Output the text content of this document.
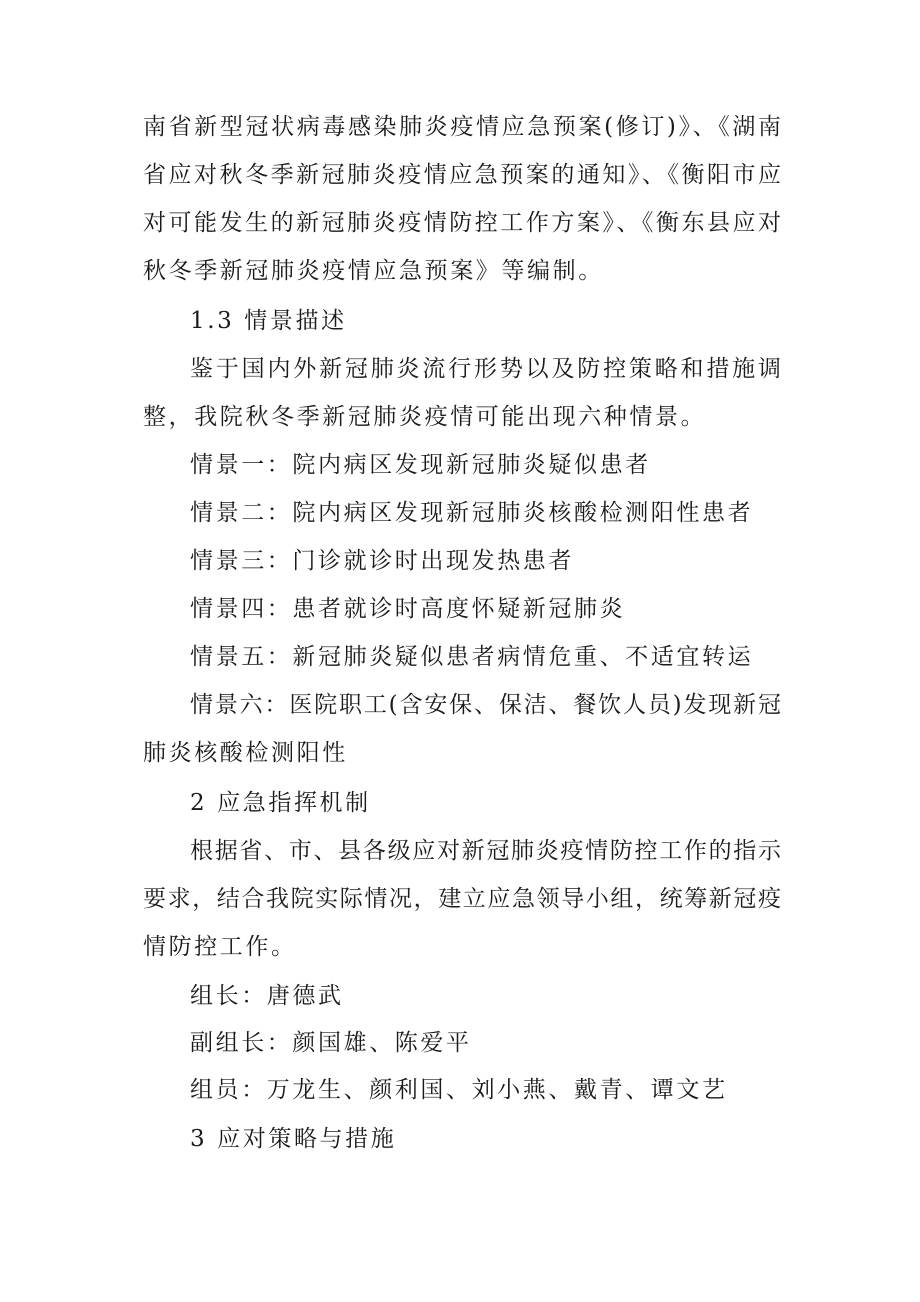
南省新型冠状病毒感染肺炎疫情应急预案(修订)》、《湖南
省应对秋冬季新冠肺炎疫情应急预案的通知》、《衡阳市应
对可能发生的新冠肺炎疫情防控工作方案》、《衡东县应对
秋冬季新冠肺炎疫情应急预案》等编制。
1.3 情景描述
鉴于国内外新冠肺炎流行形势以及防控策略和措施调
整，我院秋冬季新冠肺炎疫情可能出现六种情景。
情景一：院内病区发现新冠肺炎疑似患者
情景二：院内病区发现新冠肺炎核酸检测阳性患者
情景三：门诊就诊时出现发热患者
情景四：患者就诊时高度怀疑新冠肺炎
情景五：新冠肺炎疑似患者病情危重、不适宜转运
情景六：医院职工(含安保、保洁、餐饮人员)发现新冠
肺炎核酸检测阳性
2 应急指挥机制
根据省、市、县各级应对新冠肺炎疫情防控工作的指示
要求，结合我院实际情况，建立应急领导小组，统筹新冠疫
情防控工作。
组长：唐德武
副组长：颜国雄、陈爱平
组员：万龙生、颜利国、刘小燕、戴青、谭文艺
3 应对策略与措施
